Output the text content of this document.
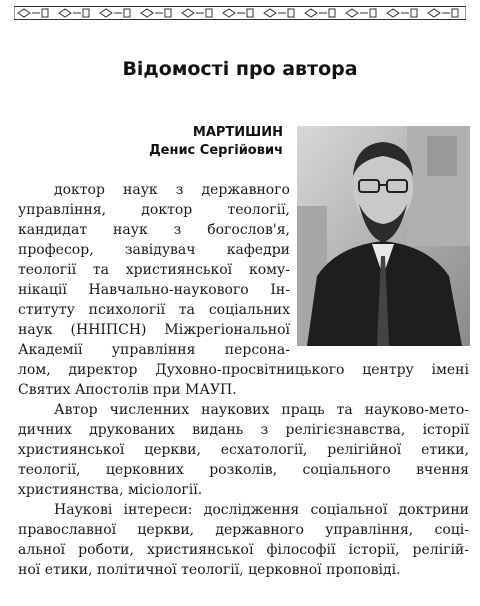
Відомості про автора
МАРТИШИН
Денис Сергійович
доктор наук з державного
управління, доктор теології,
кандидат наук з богослов'я,
професор, завідувач кафедри
теології та християнської кому-
нікації Навчально-наукового Ін-
ституту психології та соціальних
наук (ННІПСН) Міжрегіональної
Академії управління персона-
лом, директор Духовно-просвітницького центру імені
Святих Апостолів при МАУП.
Автор численних наукових праць та науково-мето-
дичних друкованих видань з релігієзнавства, історії
християнської церкви, есхатології, релігійної етики,
теології, церковних розколів, соціального вчення
християнства, місіології.
Наукові інтереси: дослідження соціальної доктрини
православної церкви, державного управління, соці-
альної роботи, християнської філософії історії, релігій-
ної етики, політичної теології, церковної проповіді.
